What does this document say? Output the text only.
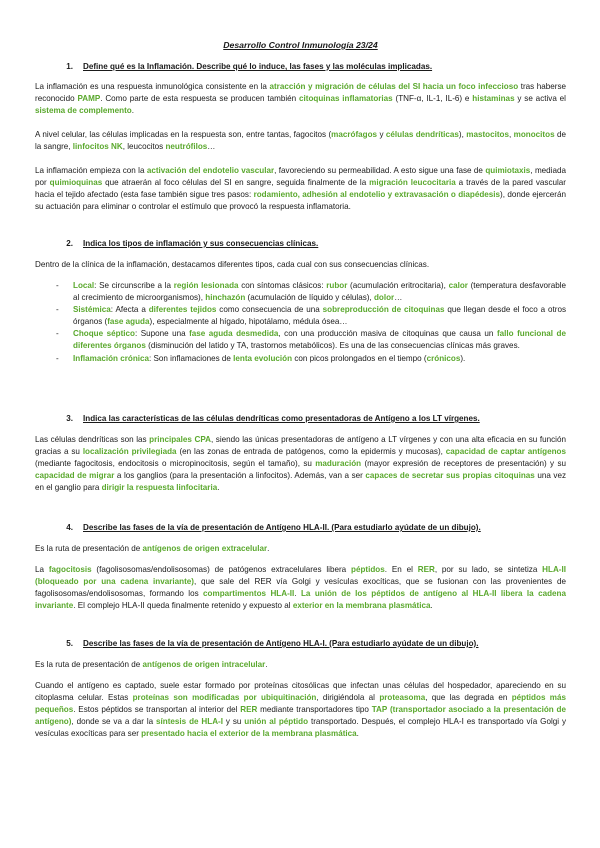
Desarrollo Control Inmunología 23/24
1. Define qué es la Inflamación. Describe qué lo induce, las fases y las moléculas implicadas.
La inflamación es una respuesta inmunológica consistente en la atracción y migración de células del SI hacia un foco infeccioso tras haberse reconocido PAMP. Como parte de esta respuesta se producen también citoquinas inflamatorias (TNF-α, IL-1, IL-6) e histaminas y se activa el sistema de complemento.
A nivel celular, las células implicadas en la respuesta son, entre tantas, fagocitos (macrófagos y células dendríticas), mastocitos, monocitos de la sangre, linfocitos NK, leucocitos neutrófilos…
La inflamación empieza con la activación del endotelio vascular, favoreciendo su permeabilidad. A esto sigue una fase de quimiotaxis, mediada por quimioquinas que atraerán al foco células del SI en sangre, seguida finalmente de la migración leucocitaria a través de la pared vascular hacia el tejido afectado (esta fase también sigue tres pasos: rodamiento, adhesión al endotelio y extravasación o diapédesis), donde ejercerán su actuación para eliminar o controlar el estímulo que provocó la respuesta inflamatoria.
2. Indica los tipos de inflamación y sus consecuencias clínicas.
Dentro de la clínica de la inflamación, destacamos diferentes tipos, cada cual con sus consecuencias clínicas.
- Local: Se circunscribe a la región lesionada con síntomas clásicos: rubor (acumulación eritrocitaria), calor (temperatura desfavorable al crecimiento de microorganismos), hinchazón (acumulación de líquido y células), dolor…
- Sistémica: Afecta a diferentes tejidos como consecuencia de una sobreproducción de citoquinas que llegan desde el foco a otros órganos (fase aguda), especialmente al hígado, hipotálamo, médula ósea…
- Choque séptico: Supone una fase aguda desmedida, con una producción masiva de citoquinas que causa un fallo funcional de diferentes órganos (disminución del latido y TA, trastornos metabólicos). Es una de las consecuencias clínicas más graves.
- Inflamación crónica: Son inflamaciones de lenta evolución con picos prolongados en el tiempo (crónicos).
3. Indica las características de las células dendríticas como presentadoras de Antígeno a los LT vírgenes.
Las células dendríticas son las principales CPA, siendo las únicas presentadoras de antígeno a LT vírgenes y con una alta eficacia en su función gracias a su localización privilegiada (en las zonas de entrada de patógenos, como la epidermis y mucosas), capacidad de captar antígenos (mediante fagocitosis, endocitosis o micropinocitosis, según el tamaño), su maduración (mayor expresión de receptores de presentación) y su capacidad de migrar a los ganglios (para la presentación a linfocitos). Además, van a ser capaces de secretar sus propias citoquinas una vez en el ganglio para dirigir la respuesta linfocitaria.
4. Describe las fases de la vía de presentación de Antígeno HLA-II. (Para estudiarlo ayúdate de un dibujo).
Es la ruta de presentación de antígenos de origen extracelular.
La fagocitosis (fagolisosomas/endolisosomas) de patógenos extracelulares libera péptidos. En el RER, por su lado, se sintetiza HLA-II (bloqueado por una cadena invariante), que sale del RER vía Golgi y vesículas exocíticas, que se fusionan con las provenientes de fagolisosomas/endolisosomas, formando los compartimentos HLA-II. La unión de los péptidos de antígeno al HLA-II libera la cadena invariante. El complejo HLA-II queda finalmente retenido y expuesto al exterior en la membrana plasmática.
5. Describe las fases de la vía de presentación de Antígeno HLA-I. (Para estudiarlo ayúdate de un dibujo).
Es la ruta de presentación de antígenos de origen intracelular.
Cuando el antígeno es captado, suele estar formado por proteínas citosólicas que infectan unas células del hospedador, apareciendo en su citoplasma celular. Estas proteínas son modificadas por ubiquitinación, dirigiéndola al proteasoma, que las degrada en péptidos más pequeños. Estos péptidos se transportan al interior del RER mediante transportadores tipo TAP (transportador asociado a la presentación de antígeno), donde se va a dar la síntesis de HLA-I y su unión al péptido transportado. Después, el complejo HLA-I es transportado vía Golgi y vesículas exocíticas para ser presentado hacia el exterior de la membrana plasmática.
